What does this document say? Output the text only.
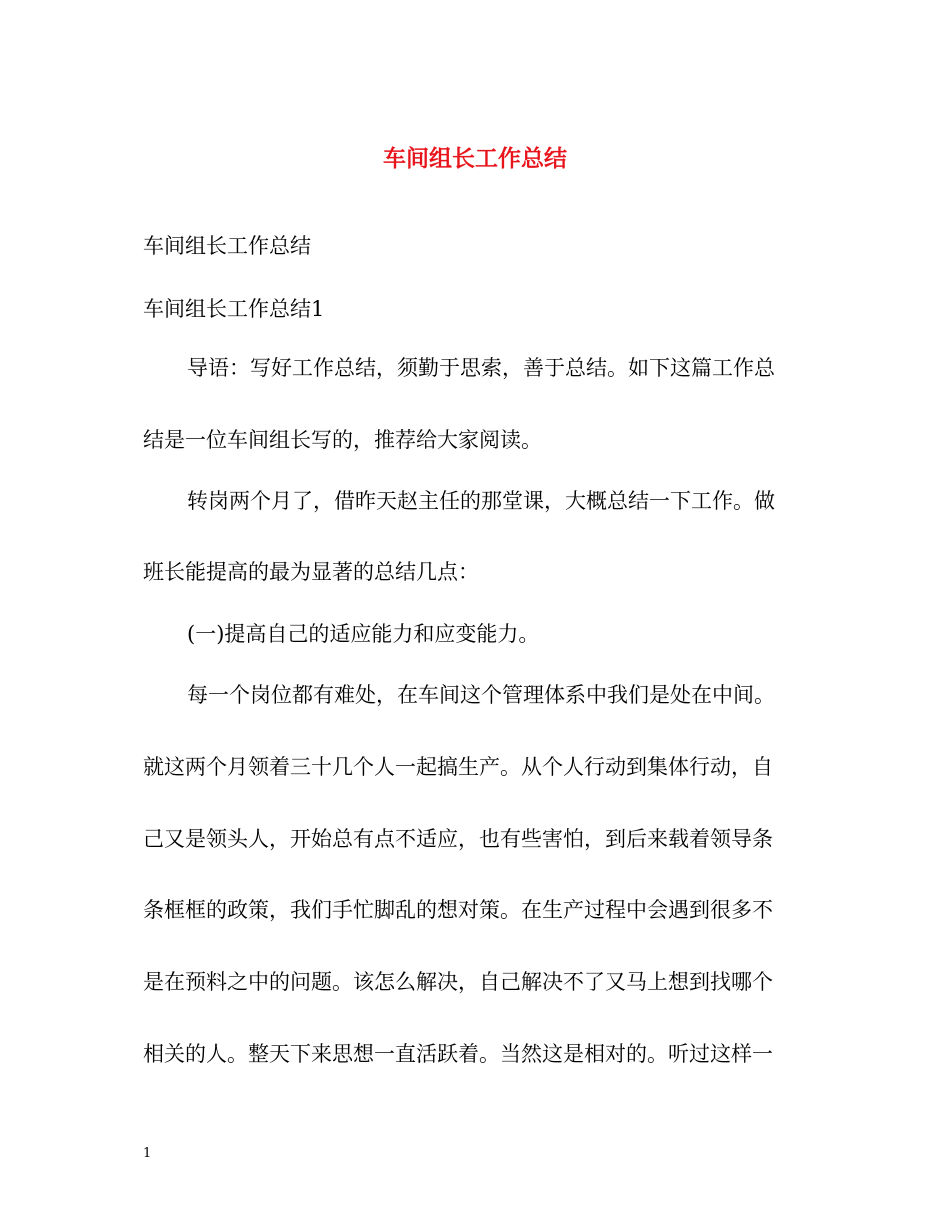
车间组长工作总结
车间组长工作总结
车间组长工作总结1
导语：写好工作总结，须勤于思索，善于总结。如下这篇工作总
结是一位车间组长写的，推荐给大家阅读。
转岗两个月了，借昨天赵主任的那堂课，大概总结一下工作。做
班长能提高的最为显著的总结几点：
(一)提高自己的适应能力和应变能力。
每一个岗位都有难处，在车间这个管理体系中我们是处在中间。
就这两个月领着三十几个人一起搞生产。从个人行动到集体行动，自
己又是领头人，开始总有点不适应，也有些害怕，到后来载着领导条
条框框的政策，我们手忙脚乱的想对策。在生产过程中会遇到很多不
是在预料之中的问题。该怎么解决，自己解决不了又马上想到找哪个
相关的人。整天下来思想一直活跃着。当然这是相对的。听过这样一
1
